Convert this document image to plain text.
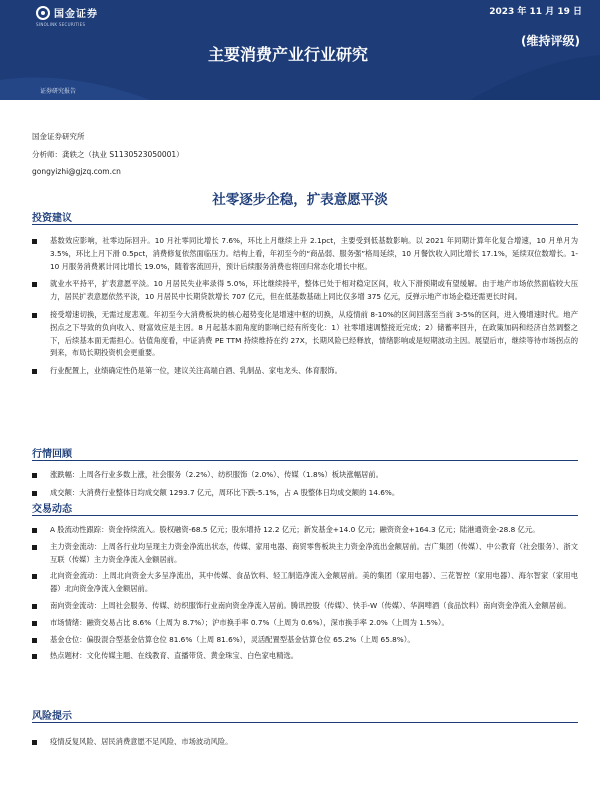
国金证券
SINOLINK SECURITIES
2023 年 11 月 19 日
主要消费产业行业研究
(维持评级)
证券研究报告
国金证券研究所
分析师：龚轶之（执业 S1130523050001）
gongyizhi@gjzq.com.cn
社零逐步企稳，扩表意愿平淡
投资建议
基数效应影响，社零边际回升。10 月社零同比增长 7.6%，环比上月继续上升 2.1pct，主要受到低基数影响。以 2021 年同期计算年化复合增速，10 月单月为 3.5%，环比上月下滑 0.5pct，消费修复依然面临压力。结构上看，年初至今的“商品弱、服务强”格局延续，10 月餐饮收入同比增长 17.1%，延续双位数增长。1-10 月服务消费累计同比增长 19.0%，随着客流回升，预计后续服务消费也将回归常态化增长中枢。
就业水平持平，扩表意愿平淡。10 月居民失业率录得 5.0%，环比继续持平，整体已处于相对稳定区间，收入下滑预期或有望缓解。由于地产市场依然面临较大压力，居民扩表意愿依然平淡，10 月居民中长期贷款增长 707 亿元，但在低基数基础上同比仅多增 375 亿元，反弹示地产市场企稳还需更长时间。
接受增速切换，无需过度悲观。年初至今大消费板块的核心超势变化是增速中枢的切换，从疫情前 8-10%的区间回落至当前 3-5%的区间，进入慢增速时代。地产拐点之下导致的负向收入、财富效应是主因。8 月起基本面角度的影响已经有所变化：1）社零增速调整接近完成；2）储蓄率回升，在政策加码和经济自然调整之下，后续基本面无需担心。估值角度看，中证消费 PE TTM 持续维持在约 27X，长期风险已经释放，情绪影响或是短期波动主因。展望后市，继续等待市场拐点的到来，布局长期投资机会更重要。
行业配置上，业绩确定性仍是第一位，建议关注高端白酒、乳制品、家电龙头、体育服饰。
行情回顾
涨跌幅：上周各行业多数上涨，社会服务（2.2%）、纺织服饰（2.0%）、传媒（1.8%）板块涨幅居前。
成交额：大消费行业整体日均成交额 1293.7 亿元，周环比下跌-5.1%，占 A 股整体日均成交额的 14.6%。
交易动态
A 股流动性跟踪：资金持续流入。股权融资-68.5 亿元；股东增持 12.2 亿元；新发基金+14.0 亿元；融资资金+164.3 亿元；陆港通资金-28.8 亿元。
主力资金流动：上周各行业均呈现主力资金净流出状态，传媒、家用电器、商贸零售板块主力资金净流出金额居前。吉广集团（传媒）、中公教育（社会服务）、浙文互联（传媒）主力资金净流入金额居前。
北向资金流动：上周北向资金大多呈净流出，其中传媒、食品饮料、轻工制造净流入金额居前。美的集团（家用电器）、三花智控（家用电器）、海尔智家（家用电器）北向资金净流入金额居前。
南向资金流动：上周社会服务、传媒、纺织服饰行业南向资金净流入居前。腾讯控股（传媒）、快手-W（传媒）、华润啤酒（食品饮料）南向资金净流入金额居前。
市场情绪：融资交易占比 8.6%（上周为 8.7%）；沪市换手率 0.7%（上周为 0.6%），深市换手率 2.0%（上周为 1.5%）。
基金仓位：偏股混合型基金估算仓位 81.6%（上周 81.6%），灵活配置型基金估算仓位 65.2%（上周 65.8%）。
热点题材：文化传媒主题、在线教育、直播带货、黄金珠宝、白色家电精选。
风险提示
疫情反复风险、居民消费意愿不足风险、市场波动风险。
